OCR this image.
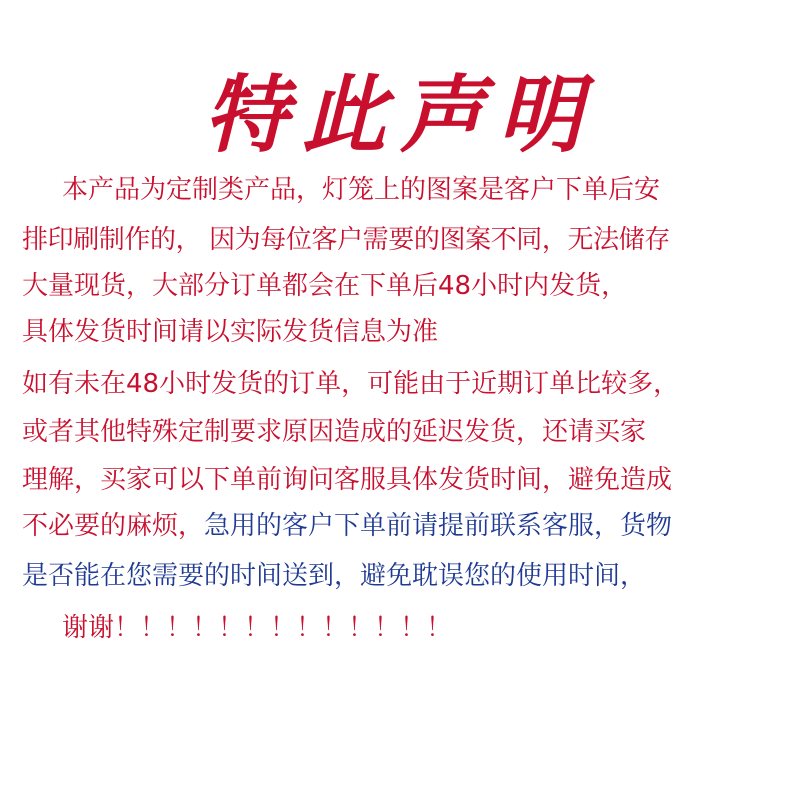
特此声明
本产品为定制类产品，灯笼上的图案是客户下单后安
排印刷制作的， 因为每位客户需要的图案不同，无法储存
大量现货，大部分订单都会在下单后48小时内发货，
具体发货时间请以实际发货信息为准
如有未在48小时发货的订单，可能由于近期订单比较多，
或者其他特殊定制要求原因造成的延迟发货，还请买家
理解，买家可以下单前询问客服具体发货时间，避免造成
不必要的麻烦，急用的客户下单前请提前联系客服，货物
是否能在您需要的时间送到，避免耽误您的使用时间，
谢谢！！！！！！！！！！！！！
